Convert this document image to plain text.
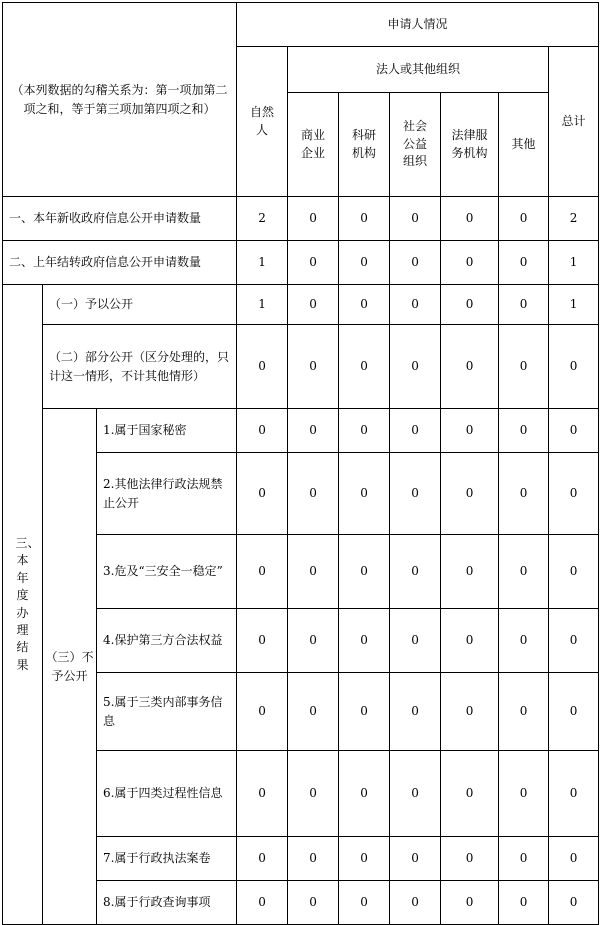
（本列数据的勾稽关系为：第一项加第二项之和，等于第三项加第四项之和）			申请人情况						

			自然人	法人或其他组织					总计

				商业企业	科研机构	社会公益组织	法律服务机构	其他	
一、本年新收政府信息公开申请数量			2	0	0	0	0	0	2
二、上年结转政府信息公开申请数量			1	0	0	0	0	0	1

三、本年度办理结果	（一）予以公开		1	0	0	0	0	0	1
	（二）部分公开（区分处理的，只计这一情形，不计其他情形）		0	0	0	0	0	0	0
	（三）不予公开	1.属于国家秘密	0	0	0	0	0	0	0
		2.其他法律行政法规禁止公开	0	0	0	0	0	0	0
		3.危及“三安全一稳定”	0	0	0	0	0	0	0
		4.保护第三方合法权益	0	0	0	0	0	0	0
		5.属于三类内部事务信息	0	0	0	0	0	0	0
		6.属于四类过程性信息	0	0	0	0	0	0	0
		7.属于行政执法案卷	0	0	0	0	0	0	0
		8.属于行政查询事项	0	0	0	0	0	0	0
